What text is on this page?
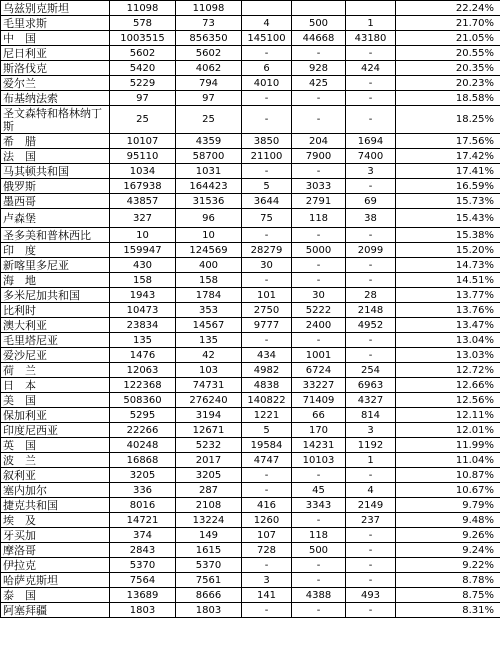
乌兹别克斯坦	11098	11098				22.24%
毛里求斯	578	73	4	500	1	21.70%
中　国	1003515	856350	145100	44668	43180	21.05%
尼日利亚	5602	5602	-	-	-	20.55%
斯洛伐克	5420	4062	6	928	424	20.35%
爱尔兰	5229	794	4010	425	-	20.23%
布基纳法索	97	97	-	-	-	18.58%
圣文森特和格林纳丁斯	25	25	-	-	-	18.25%
希　腊	10107	4359	3850	204	1694	17.56%
法　国	95110	58700	21100	7900	7400	17.42%
马其顿共和国	1034	1031	-	-	3	17.41%
俄罗斯	167938	164423	5	3033	-	16.59%
墨西哥	43857	31536	3644	2791	69	15.73%
卢森堡	327	96	75	118	38	15.43%
圣多美和普林西比	10	10	-	-	-	15.38%
印　度	159947	124569	28279	5000	2099	15.20%
新喀里多尼亚	430	400	30	-	-	14.73%
海　地	158	158	-	-	-	14.51%
多米尼加共和国	1943	1784	101	30	28	13.77%
比利时	10473	353	2750	5222	2148	13.76%
澳大利亚	23834	14567	9777	2400	4952	13.47%
毛里塔尼亚	135	135	-	-	-	13.04%
爱沙尼亚	1476	42	434	1001	-	13.03%
荷　兰	12063	103	4982	6724	254	12.72%
日　本	122368	74731	4838	33227	6963	12.66%
美　国	508360	276240	140822	71409	4327	12.56%
保加利亚	5295	3194	1221	66	814	12.11%
印度尼西亚	22266	12671	5	170	3	12.01%
英　国	40248	5232	19584	14231	1192	11.99%
波　兰	16868	2017	4747	10103	1	11.04%
叙利亚	3205	3205	-	-	-	10.87%
塞内加尔	336	287	-	45	4	10.67%
捷克共和国	8016	2108	416	3343	2149	9.79%
埃　及	14721	13224	1260	-	237	9.48%
牙买加	374	149	107	118	-	9.26%
摩洛哥	2843	1615	728	500	-	9.24%
伊拉克	5370	5370	-	-	-	9.22%
哈萨克斯坦	7564	7561	3	-	-	8.78%
泰　国	13689	8666	141	4388	493	8.75%
阿塞拜疆	1803	1803	-	-	-	8.31%
